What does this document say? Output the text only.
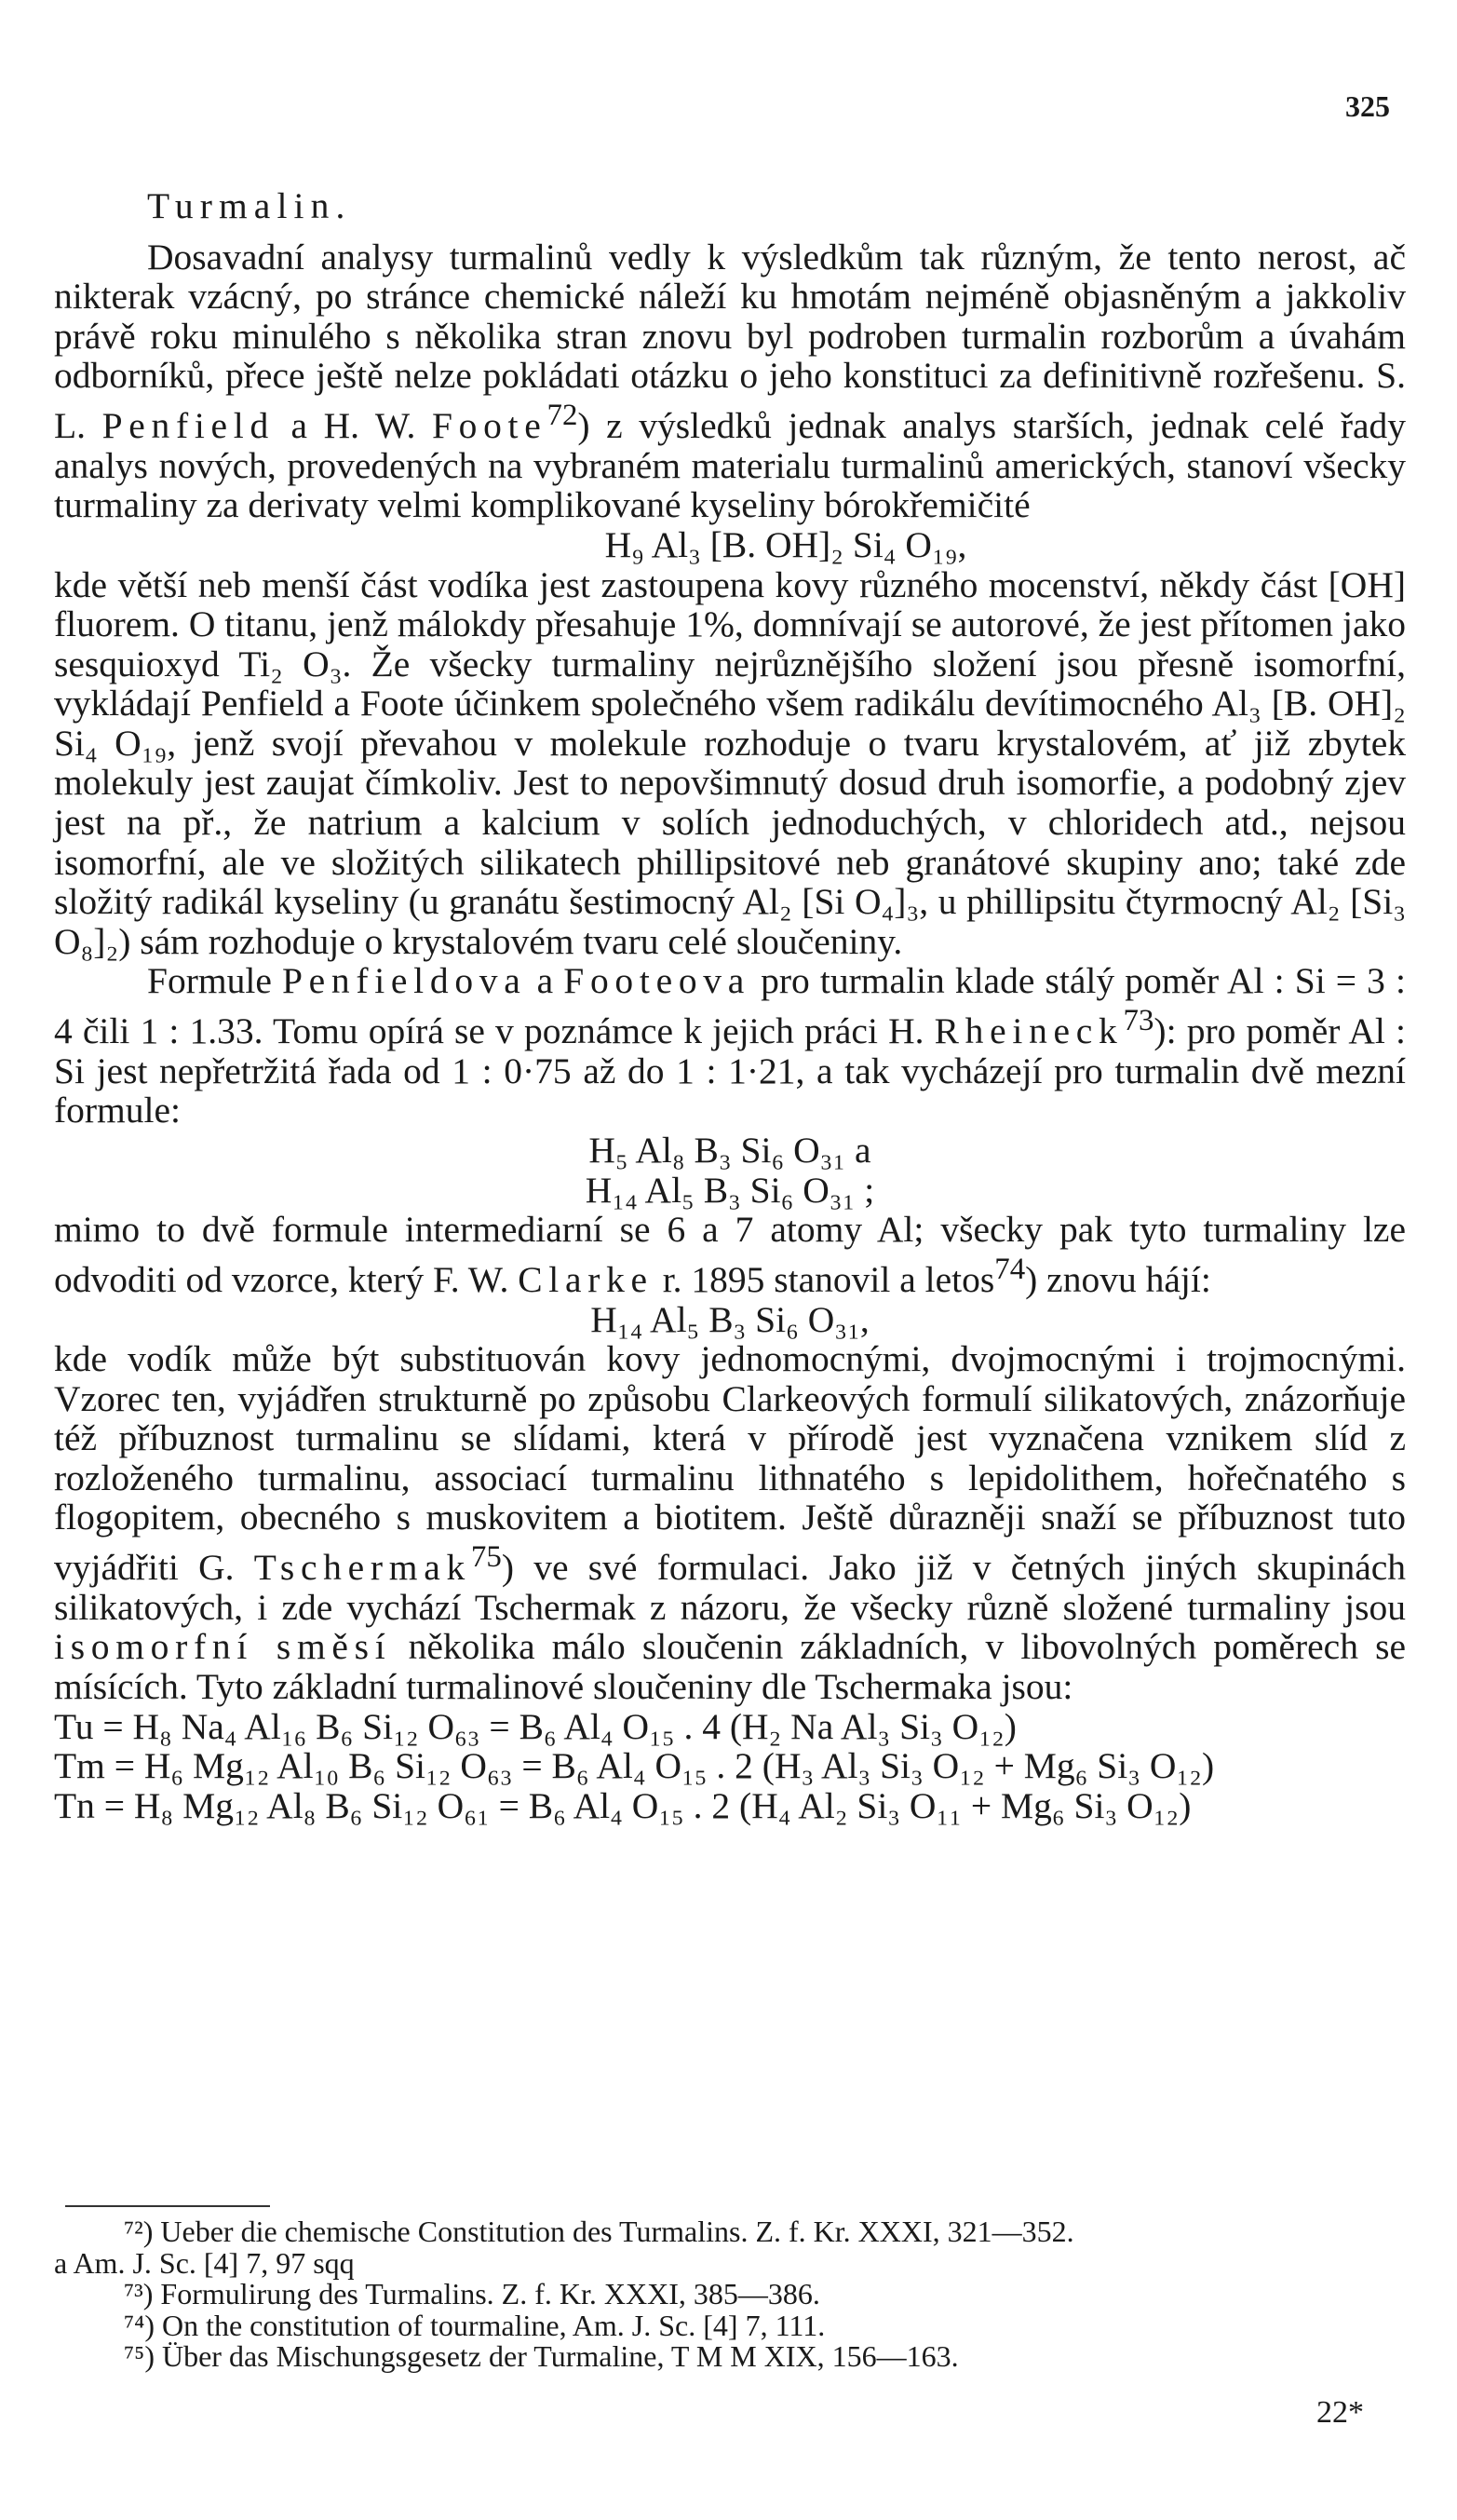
325

Turmalin.

Dosavadní analysy turmalinů vedly k výsledkům tak různým, že tento nerost, ač nikterak vzácný, po stránce chemické náleží ku hmotám nejméně objasněným a jakkoliv právě roku minulého s několika stran znovu byl podroben turmalin rozborům a úvahám odborníků, přece ještě nelze pokládati otázku o jeho konstituci za definitivně rozřešenu. S. L. Penfield a H. W. Foote$^{72}$) z výsledků jednak analys starších, jednak celé řady analys nových, provedených na vybraném materialu turmalinů amerických, stanoví všecky turmaliny za derivaty velmi komplikované kyseliny bórokřemičité

H₉ Al₃ [B. OH]₂ Si₄ O₁₉,

kde větší neb menší část vodíka jest zastoupena kovy různého mocenství, někdy část [OH] fluorem. O titanu, jenž málokdy přesahuje 1%, domnívají se autorové, že jest přítomen jako sesquioxyd Ti₂ O₃. Že všecky turmaliny nejrůznějšího složení jsou přesně isomorfní, vykládají Penfield a Foote účinkem společného všem radikálu devítimocného Al₃ [B. OH]₂ Si₄ O₁₉, jenž svojí převahou v molekule rozhoduje o tvaru krystalovém, ať již zbytek molekuly jest zaujat čímkoliv. Jest to nepovšimnutý dosud druh isomorfie, a podobný zjev jest na př., že natrium a kalcium v solích jednoduchých, v chloridech atd., nejsou isomorfní, ale ve složitých silikatech phillipsitové neb granátové skupiny ano; také zde složitý radikál kyseliny (u granátu šestimocný Al₂ [Si O₄]₃, u phillipsitu čtyrmocný Al₂ [Si₃ O₈]₂) sám rozhoduje o krystalovém tvaru celé sloučeniny.

Formule Penfieldova a Footeova pro turmalin klade stálý poměr Al : Si = 3 : 4 čili 1 : 1.33. Tomu opírá se v poznámce k jejich práci H. Rheineck$^{73}$): pro poměr Al : Si jest nepřetržitá řada od 1 : 0·75 až do 1 : 1·21, a tak vycházejí pro turmalin dvě mezní formule:

H₅ Al₈ B₃ Si₆ O₃₁ a

H₁₄ Al₅ B₃ Si₆ O₃₁ ;

mimo to dvě formule intermediarní se 6 a 7 atomy Al; všecky pak tyto turmaliny lze odvoditi od vzorce, který F. W. Clarke r. 1895 stanovil a letos$^{74}$) znovu hájí:

H₁₄ Al₅ B₃ Si₆ O₃₁,

kde vodík může být substituován kovy jednomocnými, dvojmocnými i trojmocnými. Vzorec ten, vyjádřen strukturně po způsobu Clarkeových formulí silikatových, znázorňuje též příbuznost turmalinu se slídami, která v přírodě jest vyznačena vznikem slíd z rozloženého turmalinu, associací turmalinu lithnatého s lepidolithem, hořečnatého s flogopitem, obecného s muskovitem a biotitem. Ještě důrazněji snaží se příbuznost tuto vyjádřiti G. Tschermak$^{75}$) ve své formulaci. Jako již v četných jiných skupinách silikatových, i zde vychází Tschermak z názoru, že všecky různě složené turmaliny jsou isomorfní směsí několika málo sloučenin základních, v libovolných poměrech se mísících. Tyto základní turmalinové sloučeniny dle Tschermaka jsou:

Tu = H₈ Na₄ Al₁₆ B₆ Si₁₂ O₆₃ = B₆ Al₄ O₁₅ . 4 (H₂ Na Al₃ Si₃ O₁₂)

Tm = H₆ Mg₁₂ Al₁₀ B₆ Si₁₂ O₆₃ = B₆ Al₄ O₁₅ . 2 (H₃ Al₃ Si₃ O₁₂ + Mg₆ Si₃ O₁₂)

Tn = H₈ Mg₁₂ Al₈ B₆ Si₁₂ O₆₁ = B₆ Al₄ O₁₅ . 2 (H₄ Al₂ Si₃ O₁₁ + Mg₆ Si₃ O₁₂)

⁷²) Ueber die chemische Constitution des Turmalins. Z. f. Kr. XXXI, 321—352.

a Am. J. Sc. [4] 7, 97 sqq

⁷³) Formulirung des Turmalins. Z. f. Kr. XXXI, 385—386.

⁷⁴) On the constitution of tourmaline, Am. J. Sc. [4] 7, 111.

⁷⁵) Über das Mischungsgesetz der Turmaline, T M M XIX, 156—163.

22*
